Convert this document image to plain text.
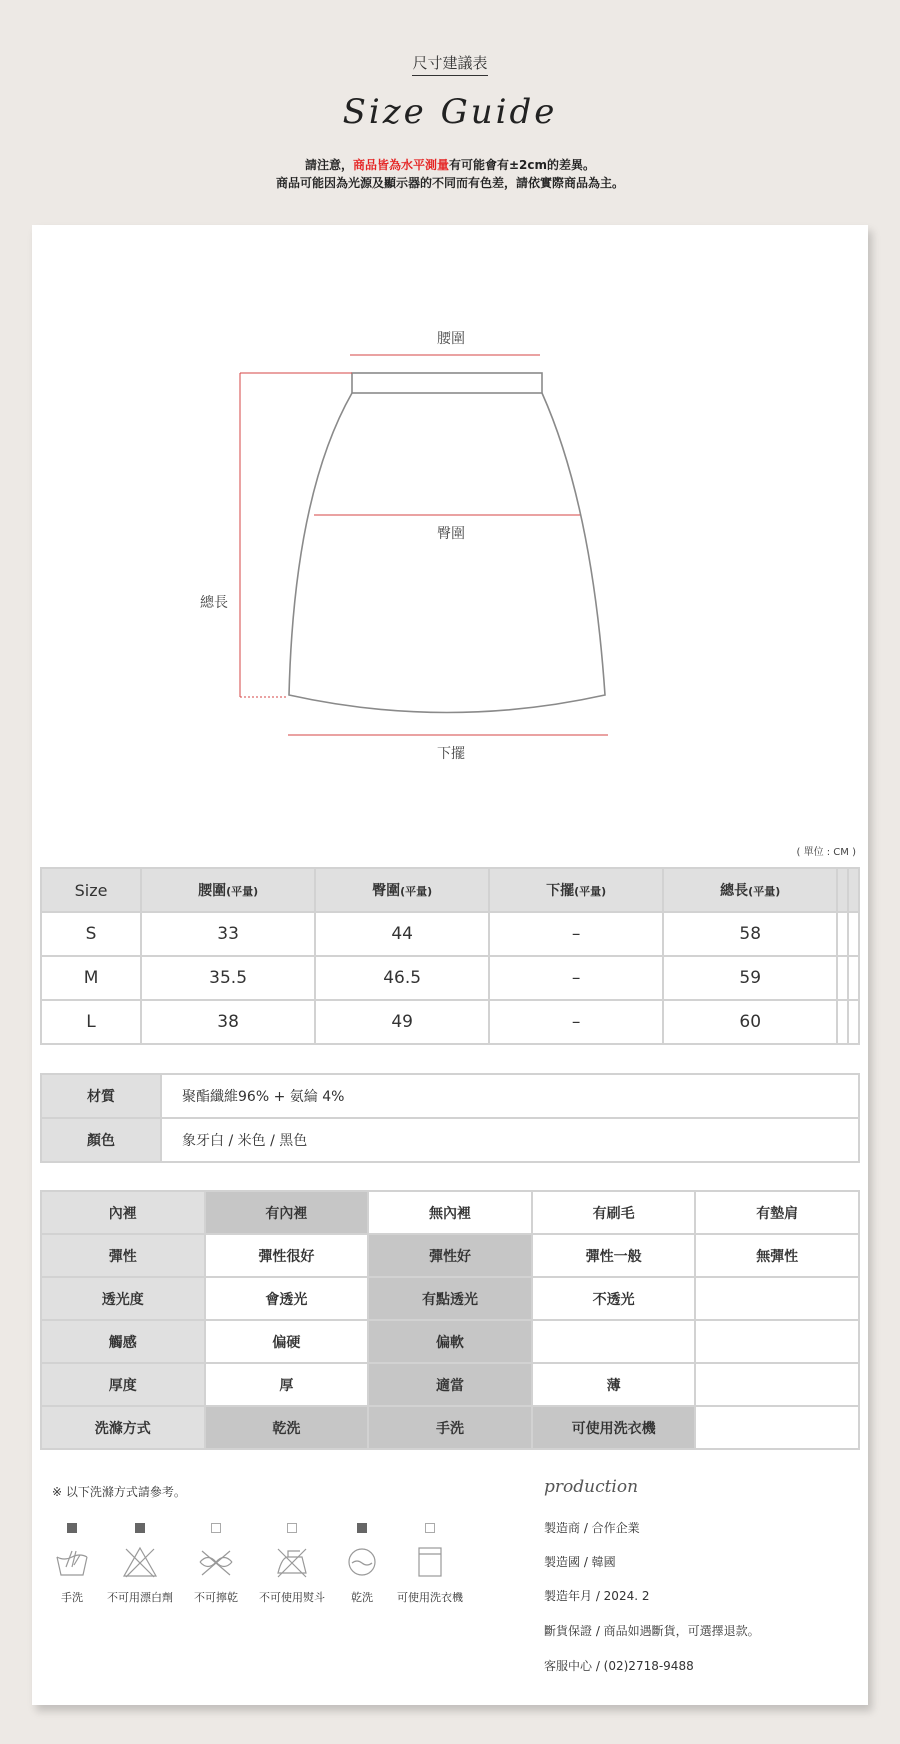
尺寸建議表
Size Guide
請注意，商品皆為水平測量有可能會有±2cm的差異。
商品可能因為光源及顯示器的不同而有色差，請依實際商品為主。
腰圍
臀圍
總長
下擺
( 單位 : CM )
Size	腰圍(平量)	臀圍(平量)	下擺(平量)	總長(平量)		
S	33	44	–	58		
M	35.5	46.5	–	59		
L	38	49	–	60		
材質	聚酯纖維96% + 氨綸 4%
顏色	象牙白 / 米色 / 黑色
內裡	有內裡	無內裡	有刷毛	有墊肩
彈性	彈性很好	彈性好	彈性一般	無彈性
透光度	會透光	有點透光	不透光	
觸感	偏硬	偏軟		
厚度	厚	適當	薄	
洗滌方式	乾洗	手洗	可使用洗衣機	
※ 以下洗滌方式請參考。
手洗	不可用漂白劑	不可擰乾	不可使用熨斗	乾洗	可使用洗衣機
production
製造商 / 合作企業
製造國 / 韓國
製造年月 / 2024. 2
斷貨保證 / 商品如遇斷貨，可選擇退款。
客服中心 / (02)2718-9488
